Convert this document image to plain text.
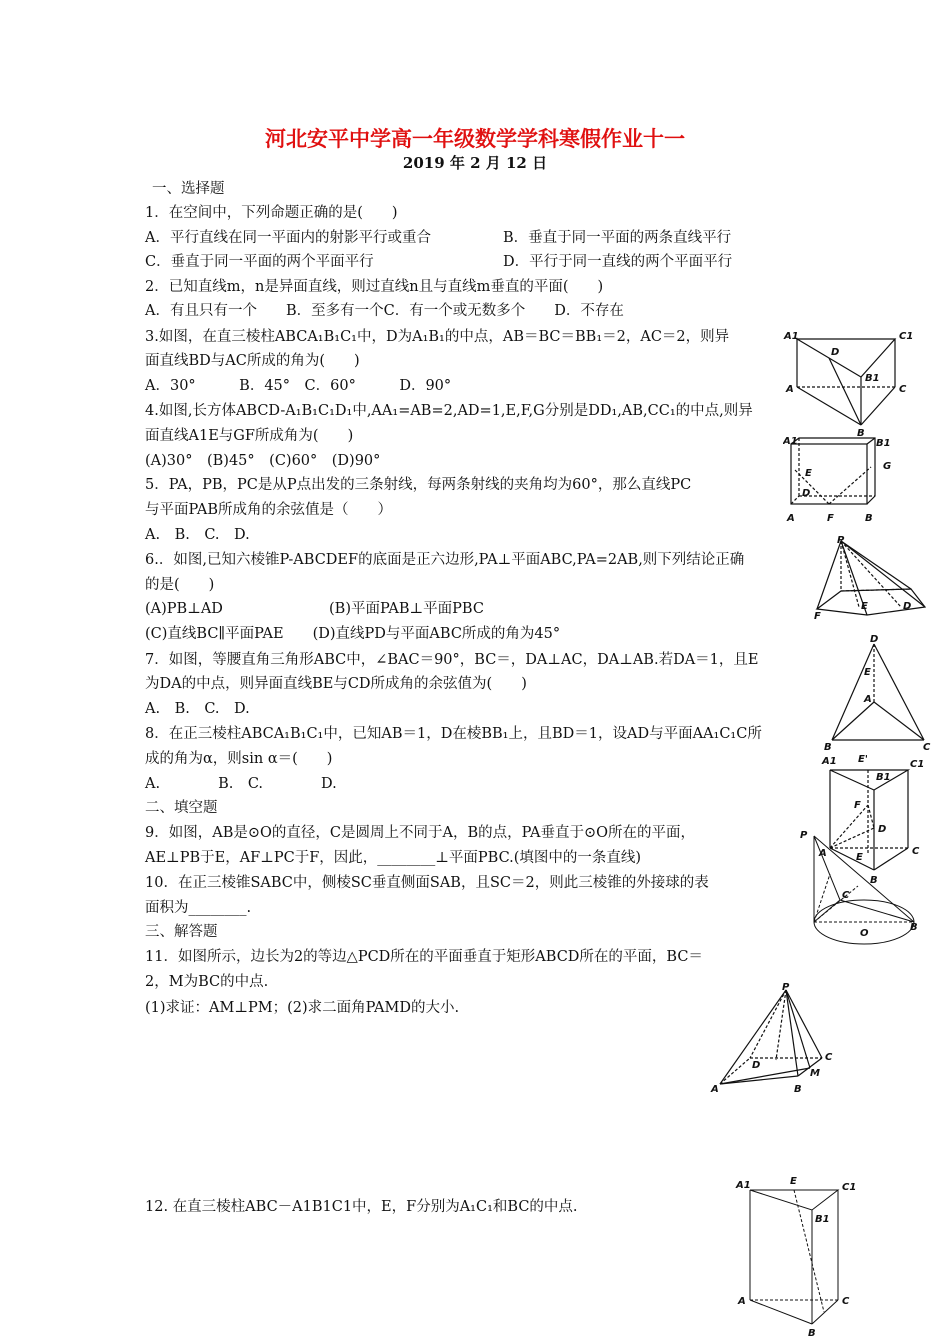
河北安平中学高一年级数学学科寒假作业十一
2019 年 2 月 12 日
一、选择题
1．在空间中，下列命题正确的是(　　)
A．平行直线在同一平面内的射影平行或重合	B．垂直于同一平面的两条直线平行
C．垂直于同一平面的两个平面平行	D．平行于同一直线的两个平面平行
2．已知直线m，n是异面直线，则过直线n且与直线m垂直的平面(　　)
A．有且只有一个　　B．至多有一个C．有一个或无数多个　　D．不存在
3.如图，在直三棱柱ABCA₁B₁C₁中，D为A₁B₁的中点，AB＝BC＝BB₁＝2，AC＝2，则异
面直线BD与AC所成的角为(　　)
A．30°　　　B．45°　C．60°　　　D．90°
4.如图,长方体ABCD-A₁B₁C₁D₁中,AA₁=AB=2,AD=1,E,F,G分别是DD₁,AB,CC₁的中点,则异
面直线A1E与GF所成角为(　　)
(A)30°　(B)45°　(C)60°　(D)90°
5．PA，PB，PC是从P点出发的三条射线，每两条射线的夹角均为60°，那么直线PC
与平面PAB所成角的余弦值是（　　）
A.　B.　C.　D.
6.．如图,已知六棱锥P-ABCDEF的底面是正六边形,PA⊥平面ABC,PA=2AB,则下列结论正确
的是(　　)
(A)PB⊥AD	(B)平面PAB⊥平面PBC
(C)直线BC∥平面PAE　　(D)直线PD与平面ABC所成的角为45°
7．如图，等腰直角三角形ABC中，∠BAC＝90°，BC＝，DA⊥AC，DA⊥AB.若DA＝1，且E
为DA的中点，则异面直线BE与CD所成角的余弦值为(　　)
A.　B.　C.　D.
8．在正三棱柱ABCA₁B₁C₁中，已知AB＝1，D在棱BB₁上，且BD＝1，设AD与平面AA₁C₁C所
成的角为α，则sin α＝(　　)
A.　　　　B.　C.　　　　D.
二、填空题
9．如图，AB是⊙O的直径，C是圆周上不同于A，B的点，PA垂直于⊙O所在的平面，
AE⊥PB于E，AF⊥PC于F，因此，________⊥平面PBC.(填图中的一条直线)
10．在正三棱锥SABC中，侧棱SC垂直侧面SAB，且SC＝2，则此三棱锥的外接球的表
面积为________.
三、解答题
11．如图所示，边长为2的等边△PCD所在的平面垂直于矩形ABCD所在的平面，BC＝
2，M为BC的中点.
(1)求证：AM⊥PM；(2)求二面角PAMD的大小.
12. 在直三棱柱ABC－A1B1C1中，E，F分别为A₁C₁和BC的中点.
A1	C1
D
B1
A	C
B
A1	B1
G
E
D
A	F	B
P
F
E	D
D
E
A
B	C
A1 E'
B1
C1
F
D
A	E
C
B
P
C
O
B
P
D
C
M
A	B
A1	E
C1
B1
A	C
B
